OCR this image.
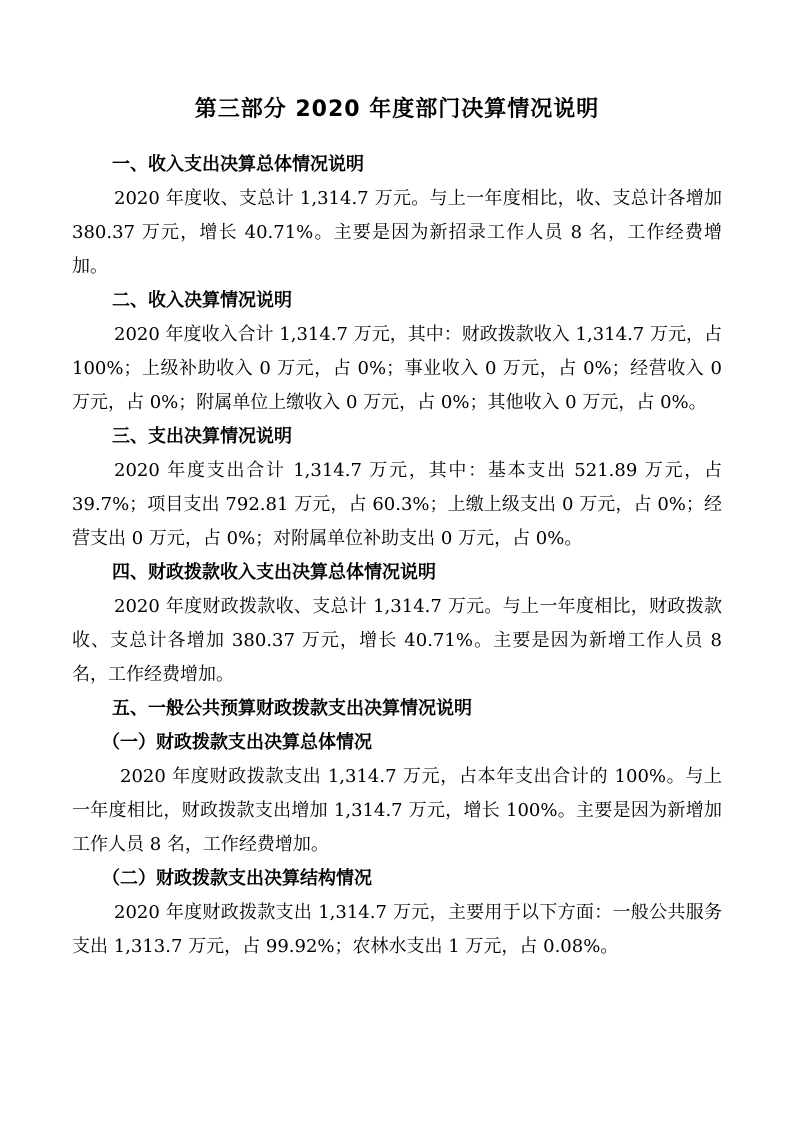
第三部分 2020 年度部门决算情况说明
一、收入支出决算总体情况说明
2020 年度收、支总计 1,314.7 万元。与上一年度相比，收、支总计各增加 380.37 万元，增长 40.71%。主要是因为新招录工作人员 8 名，工作经费增加。
二、收入决算情况说明
2020 年度收入合计 1,314.7 万元，其中：财政拨款收入 1,314.7 万元，占 100%；上级补助收入 0 万元，占 0%；事业收入 0 万元，占 0%；经营收入 0 万元，占 0%；附属单位上缴收入 0 万元，占 0%；其他收入 0 万元，占 0%。
三、支出决算情况说明
2020 年度支出合计 1,314.7 万元，其中：基本支出 521.89 万元，占 39.7%；项目支出 792.81 万元，占 60.3%；上缴上级支出 0 万元，占 0%；经营支出 0 万元，占 0%；对附属单位补助支出 0 万元，占 0%。
四、财政拨款收入支出决算总体情况说明
2020 年度财政拨款收、支总计 1,314.7 万元。与上一年度相比，财政拨款收、支总计各增加 380.37 万元，增长 40.71%。主要是因为新增工作人员 8 名，工作经费增加。
五、一般公共预算财政拨款支出决算情况说明
（一）财政拨款支出决算总体情况
2020 年度财政拨款支出 1,314.7 万元，占本年支出合计的 100%。与上一年度相比，财政拨款支出增加 1,314.7 万元，增长 100%。主要是因为新增加工作人员 8 名，工作经费增加。
（二）财政拨款支出决算结构情况
2020 年度财政拨款支出 1,314.7 万元，主要用于以下方面：一般公共服务支出 1,313.7 万元，占 99.92%；农林水支出 1 万元，占 0.08%。
